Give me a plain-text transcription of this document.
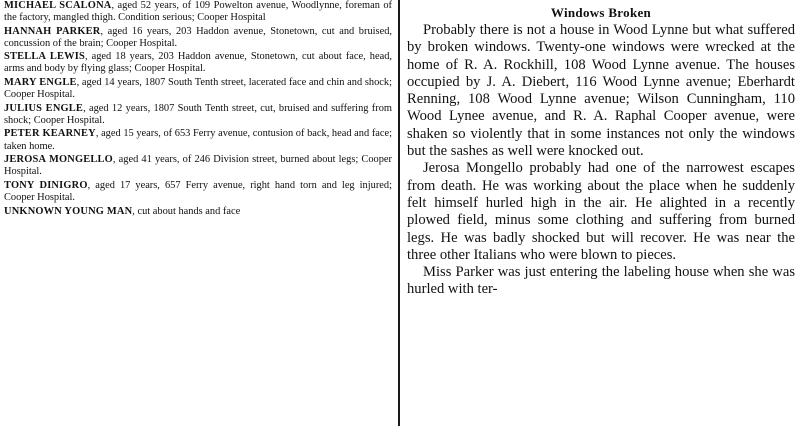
MICHAEL SCALONA, aged 52 years, of 109 Powelton avenue, Woodlynne, foreman of the factory, mangled thigh. Condition serious; Cooper Hospital

HANNAH PARKER, aged 16 years, 203 Haddon avenue, Stonetown, cut and bruised, concussion of the brain; Cooper Hospital.

STELLA LEWIS, aged 18 years, 203 Haddon avenue, Stonetown, cut about face, head, arms and body by flying glass; Cooper Hospital.

MARY ENGLE, aged 14 years, 1807 South Tenth street, lacerated face and chin and shock; Cooper Hospital.

JULIUS ENGLE, aged 12 years, 1807 South Tenth street, cut, bruised and suffering from shock; Cooper Hospital.

PETER KEARNEY, aged 15 years, of 653 Ferry avenue, contusion of back, head and face; taken home.

JEROSA MONGELLO, aged 41 years, of 246 Division street, burned about legs; Cooper Hospital.

TONY DINIGRO, aged 17 years, 657 Ferry avenue, right hand torn and leg injured; Cooper Hospital.

UNKNOWN YOUNG MAN, cut about hands and face

Windows Broken

Probably there is not a house in Wood Lynne but what suffered by broken windows. Twenty-one windows were wrecked at the home of R. A. Rockhill, 108 Wood Lynne avenue. The houses occupied by J. A. Diebert, 116 Wood Lynne avenue; Eberhardt Renning, 108 Wood Lynne avenue; Wilson Cunningham, 110 Wood Lynee avenue, and R. A. Raphal Cooper avenue, were shaken so violently that in some instances not only the windows but the sashes as well were knocked out.

Jerosa Mongello probably had one of the narrowest escapes from death. He was working about the place when he suddenly felt himself hurled high in the air. He alighted in a recently plowed field, minus some clothing and suffering from burned legs. He was badly shocked but will recover. He was near the three other Italians who were blown to pieces.

Miss Parker was just entering the labeling house when she was hurled with ter-
